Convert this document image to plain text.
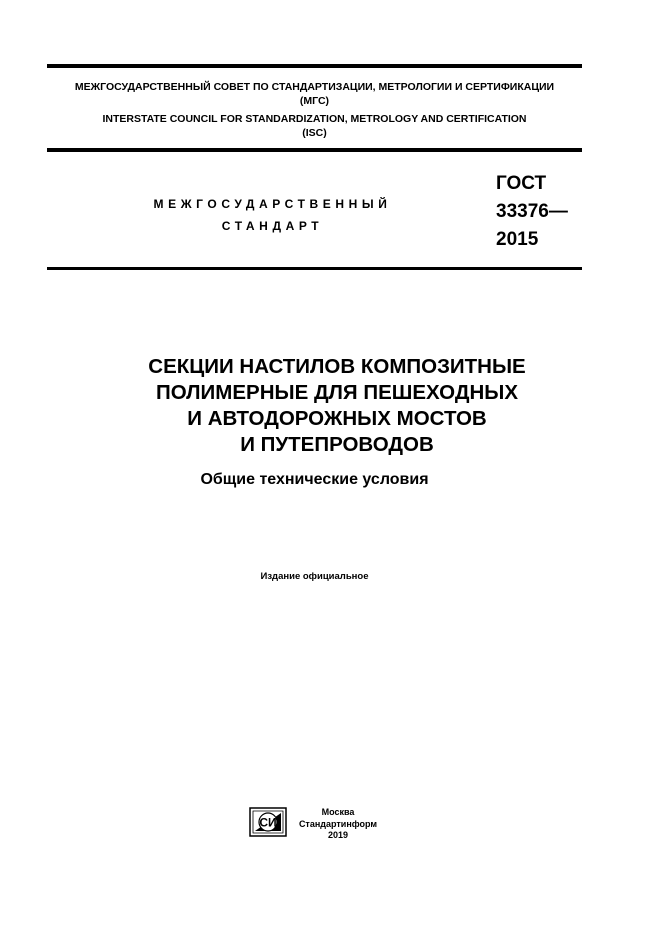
МЕЖГОСУДАРСТВЕННЫЙ СОВЕТ ПО СТАНДАРТИЗАЦИИ, МЕТРОЛОГИИ И СЕРТИФИКАЦИИ
(МГС)
INTERSTATE COUNCIL FOR STANDARDIZATION, METROLOGY AND CERTIFICATION
(ISC)
МЕЖГОСУДАРСТВЕННЫЙ
СТАНДАРТ
ГОСТ
33376—
2015
СЕКЦИИ НАСТИЛОВ КОМПОЗИТНЫЕ
ПОЛИМЕРНЫЕ ДЛЯ ПЕШЕХОДНЫХ
И АВТОДОРОЖНЫХ МОСТОВ
И ПУТЕПРОВОДОВ
Общие технические условия
Издание официальное
СИ
Москва
Стандартинформ
2019
